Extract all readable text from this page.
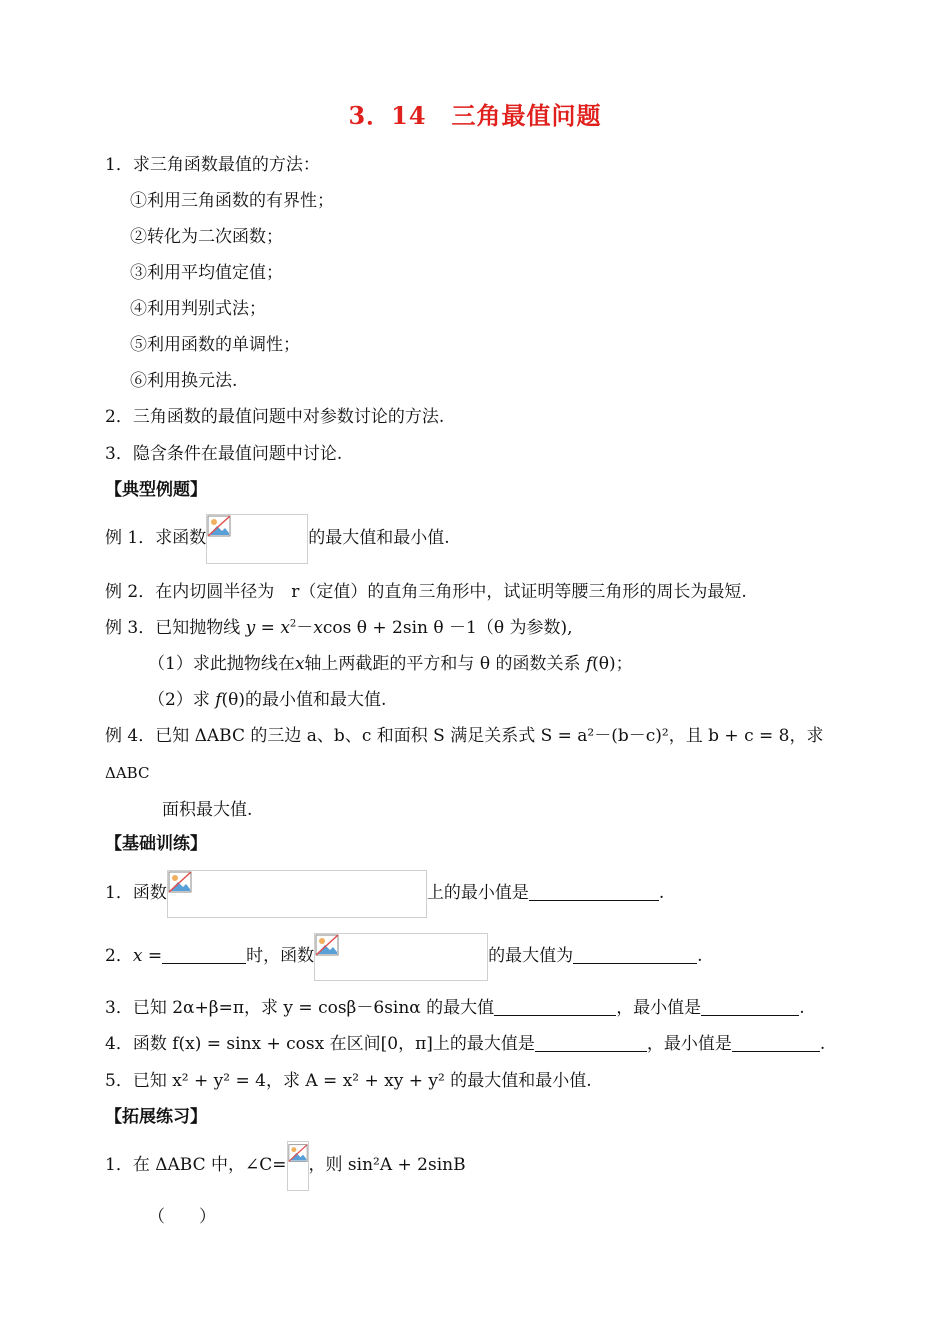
3．14　三角最值问题
1．求三角函数最值的方法：
①利用三角函数的有界性；
②转化为二次函数；
③利用平均值定值；
④利用判别式法；
⑤利用函数的单调性；
⑥利用换元法.
2．三角函数的最值问题中对参数讨论的方法.
3．隐含条件在最值问题中讨论.
【典型例题】
例 1．求函数	的最大值和最小值.
例 2．在内切圆半径为　r（定值）的直角三角形中，试证明等腰三角形的周长为最短.
例 3．已知抛物线 $y = x^2-xcos$ θ + 2sin θ －1（θ 为参数),
（1）求此抛物线在x轴上两截距的平方和与 θ 的函数关系 f(θ)；
（2）求 f(θ)的最小值和最大值.
例 4．已知 ΔABC 的三边 a、b、c 和面积 S 满足关系式 S = a²－(b－c)²，且 b + c = 8，求
ΔABC
面积最大值.
【基础训练】
1．函数	上的最小值是	.
2．x =	时，函数	的最大值为	.
3．已知 2α+β=π，求 y = cosβ－6sinα 的最大值	，最小值是	.
4．函数 f(x) = sinx + cosx 在区间[0，π]上的最大值是	，最小值是	.
5．已知 x² + y² = 4，求 A = x² + xy + y² 的最大值和最小值.
【拓展练习】
1．在 ΔABC 中，∠C= ，则 sin²A + 2sinB
（　　）
